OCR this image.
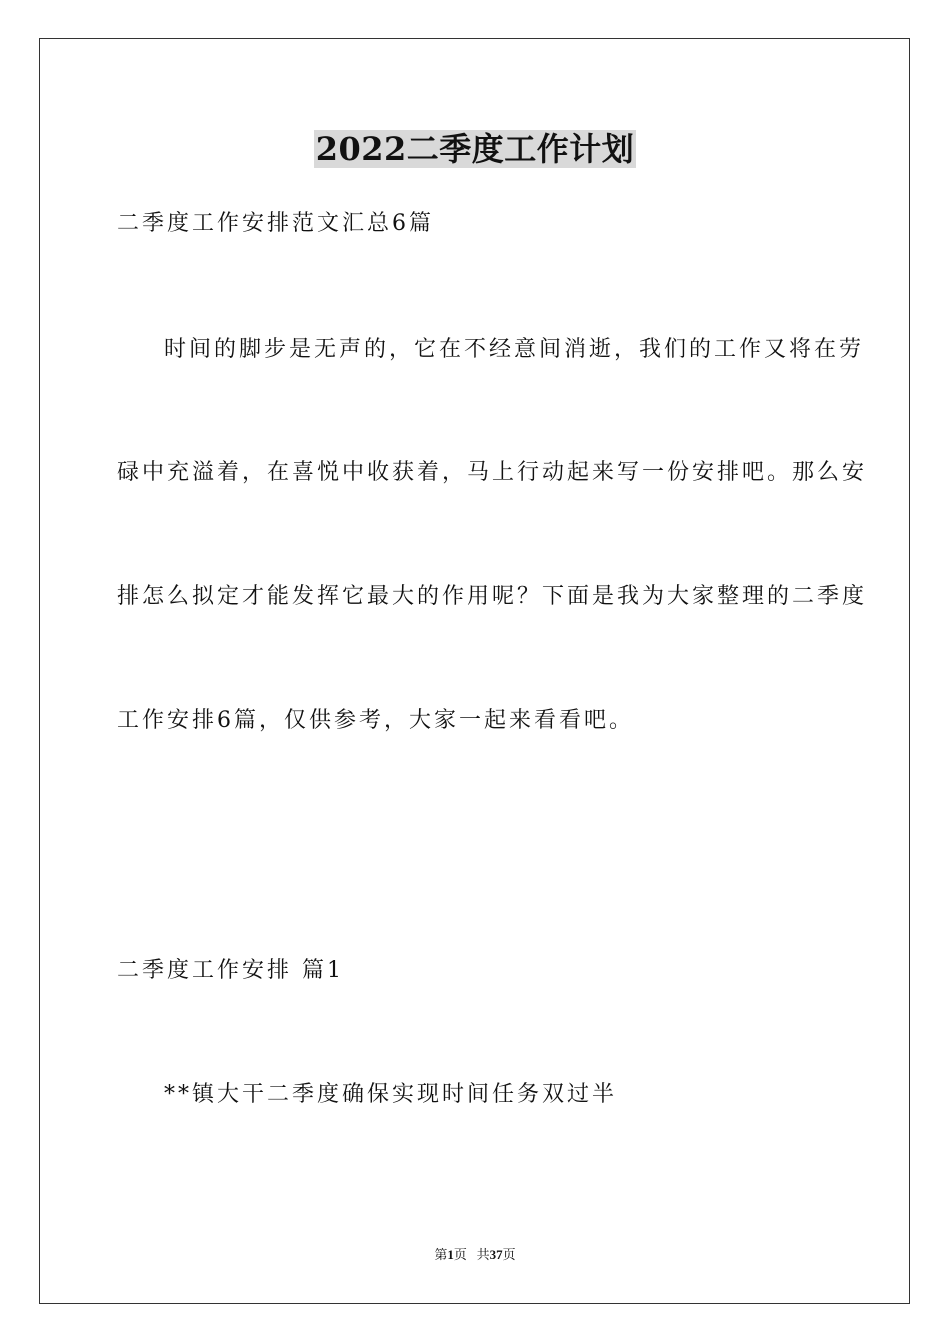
2022二季度工作计划
二季度工作安排范文汇总6篇
时间的脚步是无声的，它在不经意间消逝，我们的工作又将在劳
碌中充溢着，在喜悦中收获着，马上行动起来写一份安排吧。那么安
排怎么拟定才能发挥它最大的作用呢？下面是我为大家整理的二季度
工作安排6篇，仅供参考，大家一起来看看吧。
二季度工作安排 篇1
**镇大干二季度确保实现时间任务双过半
第1页 共37页
